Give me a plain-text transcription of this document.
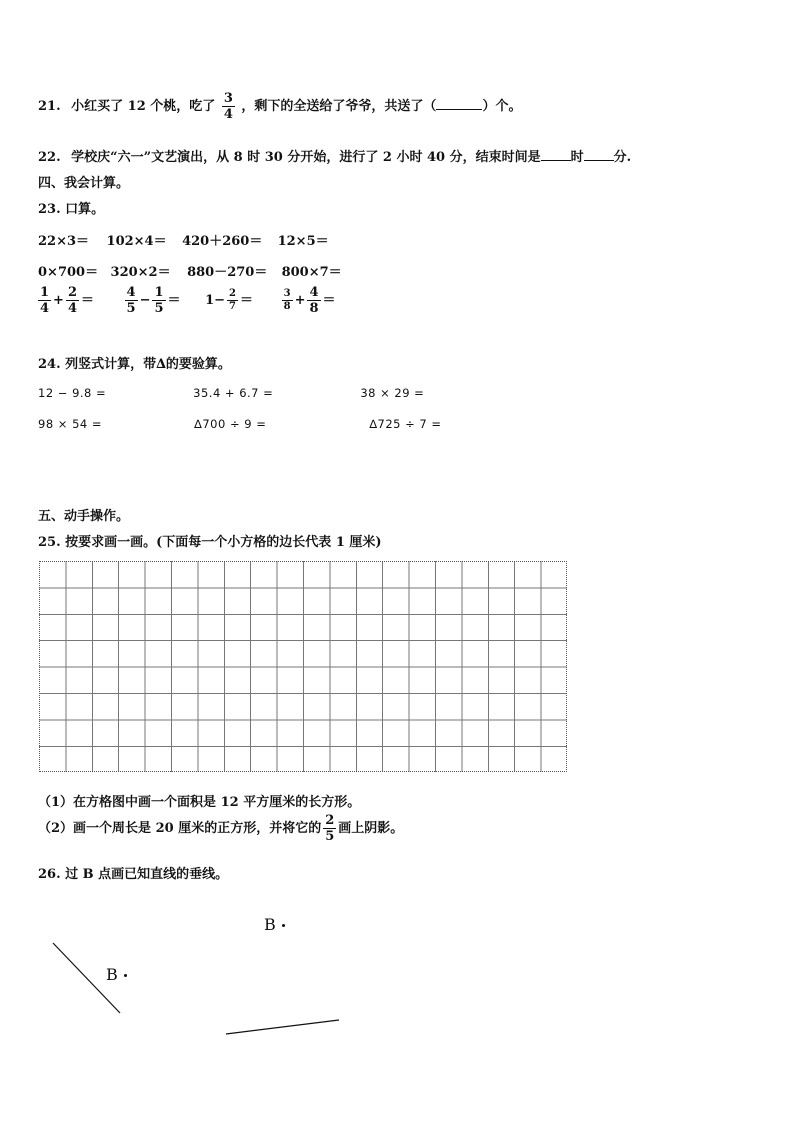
21. 小红买了 12 个桃，吃了 $\frac{3}{4}$ ，剩下的全送给了爷爷，共送了（	）个。
22. 学校庆“六一”文艺演出，从 8 时 30 分开始，进行了 2 小时 40 分，结束时间是 时 分.
四、我会计算。
23. 口算。
22×3＝ 102×4＝ 420＋260＝ 12×5＝
0×700＝ 320×2＝ 880－270＝ 800×7＝
$\frac{1}{4} + \frac{2}{4} = \frac{4}{5} - \frac{1}{5} = 1- \frac{2}{7}$ ＝	$\frac{3}{8} + \frac{4}{8}$ ＝
24. 列竖式计算，带∆的要验算。
12 − 9.8 =	35.4 + 6.7 =	38 × 29 =
98 × 54 =	∆700 ÷ 9 =	∆725 ÷ 7 =
五、动手操作。
25. 按要求画一画。(下面每一个小方格的边长代表 1 厘米)
（1）在方格图中画一个面积是 12 平方厘米的长方形。
（2）画一个周长是 20 厘米的正方形，并将它的 $\frac{2}{5}$ 画上阴影。
26. 过 B 点画已知直线的垂线。
B
B
